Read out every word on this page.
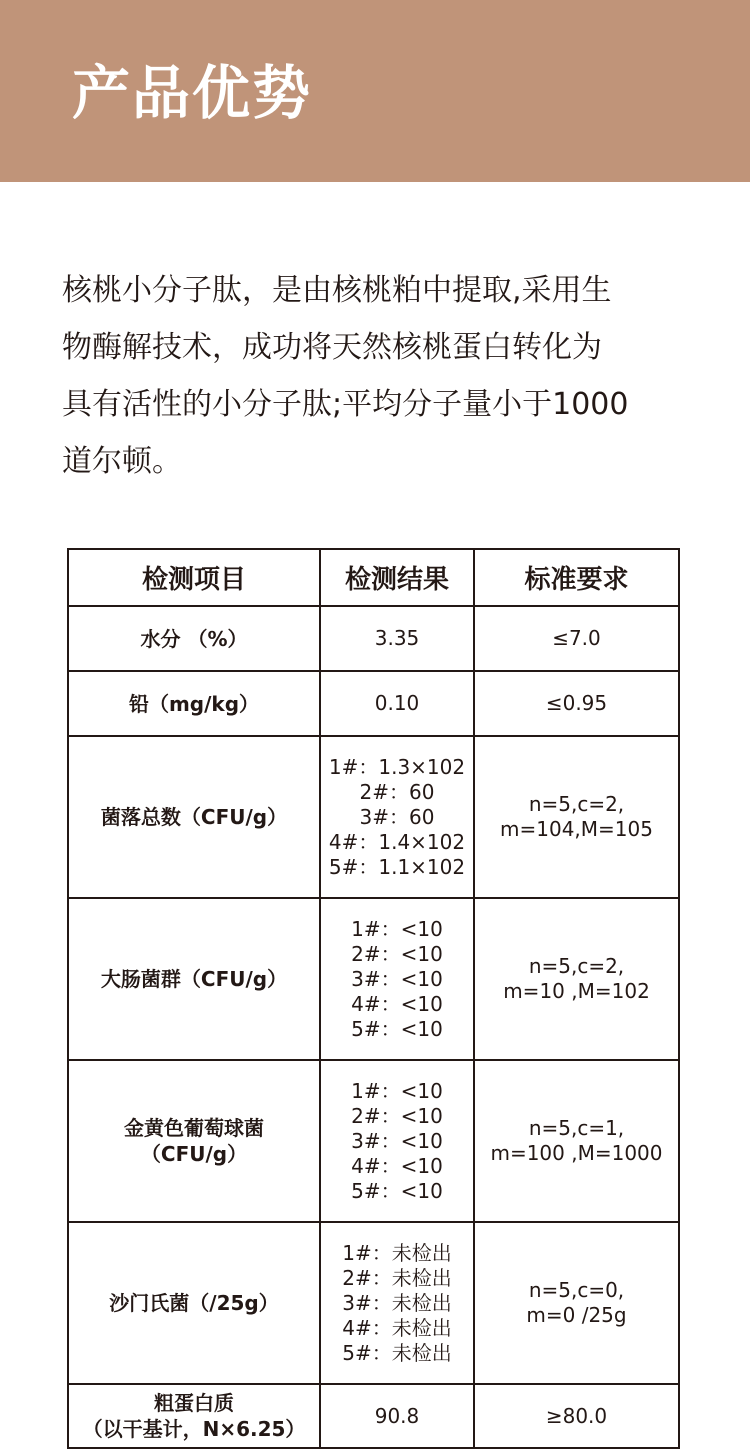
产品优势
核桃小分子肽，是由核桃粕中提取,采用生
物酶解技术，成功将天然核桃蛋白转化为
具有活性的小分子肽;平均分子量小于1000
道尔顿。
检测项目	检测结果	标准要求

水分 （%）	3.35	≤7.0

铅（mg/kg）	0.10	≤0.95

菌落总数（CFU/g）	1#：1.3×102
2#：60
3#：60
4#：1.4×102
5#：1.1×102	n=5,c=2,
m=104,M=105

大肠菌群（CFU/g）	1#：<10
2#：<10
3#：<10
4#：<10
5#：<10	n=5,c=2,
m=10 ,M=102

金黄色葡萄球菌
（CFU/g）	1#：<10
2#：<10
3#：<10
4#：<10
5#：<10	n=5,c=1,
m=100 ,M=1000

沙门氏菌（/25g）	1#：未检出
2#：未检出
3#：未检出
4#：未检出
5#：未检出	n=5,c=0,
m=0 /25g

粗蛋白质
（以干基计，N×6.25）	90.8	≥80.0
